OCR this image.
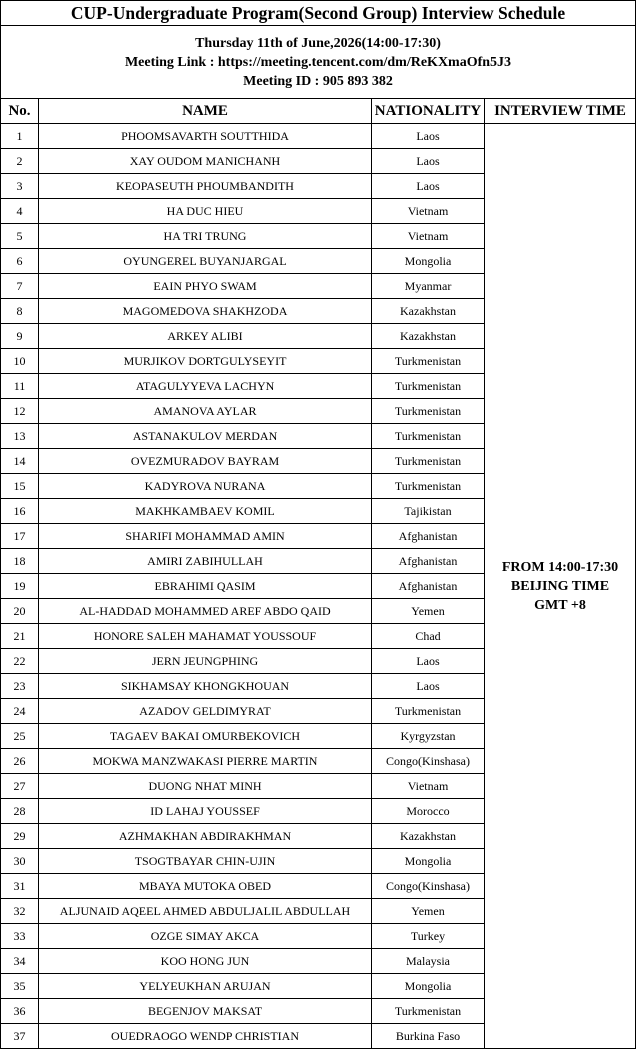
CUP-Undergraduate Program(Second Group) Interview Schedule			

Thursday 11th of June,2026(14:00-17:30)
Meeting Link : https://meeting.tencent.com/dm/ReKXmaOfn5J3
Meeting ID : 905 893 382			

No.	NAME	NATIONALITY	INTERVIEW TIME
1	PHOOMSAVARTH SOUTTHIDA	Laos	FROM 14:00-17:30
BEIJING TIME
GMT +8

2	XAY OUDOM MANICHANH	Laos	
3	KEOPASEUTH PHOUMBANDITH	Laos	
4	HA DUC HIEU	Vietnam	
5	HA TRI TRUNG	Vietnam	
6	OYUNGEREL BUYANJARGAL	Mongolia	
7	EAIN PHYO SWAM	Myanmar	
8	MAGOMEDOVA SHAKHZODA	Kazakhstan	
9	ARKEY ALIBI	Kazakhstan	
10	MURJIKOV DORTGULYSEYIT	Turkmenistan	
11	ATAGULYYEVA LACHYN	Turkmenistan	
12	AMANOVA AYLAR	Turkmenistan	
13	ASTANAKULOV MERDAN	Turkmenistan	
14	OVEZMURADOV BAYRAM	Turkmenistan	
15	KADYROVA NURANA	Turkmenistan	
16	MAKHKAMBAEV KOMIL	Tajikistan	
17	SHARIFI MOHAMMAD AMIN	Afghanistan	
18	AMIRI ZABIHULLAH	Afghanistan	
19	EBRAHIMI QASIM	Afghanistan	
20	AL-HADDAD MOHAMMED AREF ABDO QAID	Yemen	
21	HONORE SALEH MAHAMAT YOUSSOUF	Chad	
22	JERN JEUNGPHING	Laos	
23	SIKHAMSAY KHONGKHOUAN	Laos	
24	AZADOV GELDIMYRAT	Turkmenistan	
25	TAGAEV BAKAI OMURBEKOVICH	Kyrgyzstan	
26	MOKWA MANZWAKASI PIERRE MARTIN	Congo(Kinshasa)	
27	DUONG NHAT MINH	Vietnam	
28	ID LAHAJ YOUSSEF	Morocco	
29	AZHMAKHAN ABDIRAKHMAN	Kazakhstan	
30	TSOGTBAYAR CHIN-UJIN	Mongolia	
31	MBAYA MUTOKA OBED	Congo(Kinshasa)	
32	ALJUNAID AQEEL AHMED ABDULJALIL ABDULLAH	Yemen	
33	OZGE SIMAY AKCA	Turkey	
34	KOO HONG JUN	Malaysia	
35	YELYEUKHAN ARUJAN	Mongolia	
36	BEGENJOV MAKSAT	Turkmenistan	
37	OUEDRAOGO WENDP CHRISTIAN	Burkina Faso	
